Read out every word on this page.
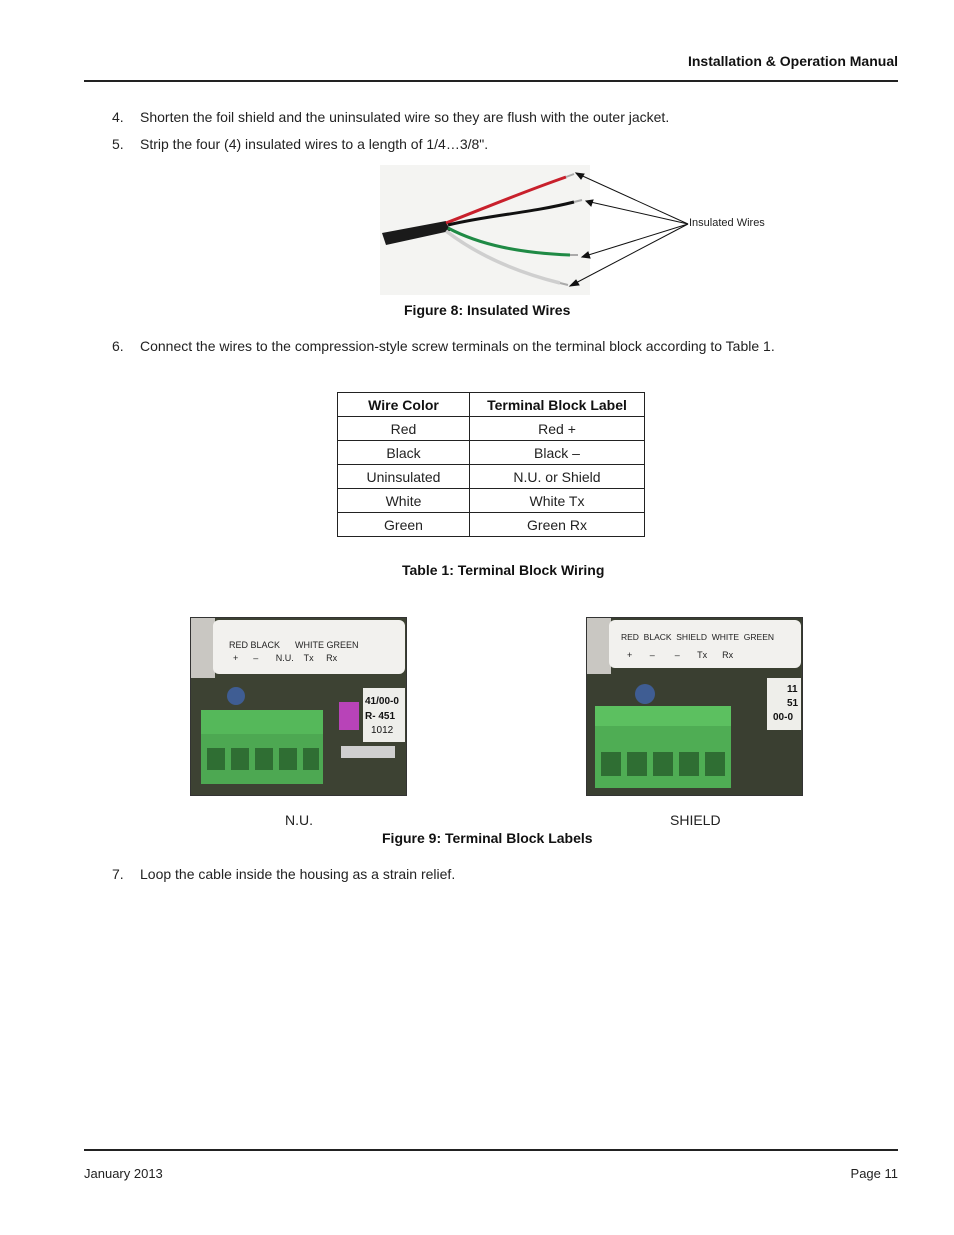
Installation & Operation Manual
4. Shorten the foil shield and the uninsulated wire so they are flush with the outer jacket.
5. Strip the four (4) insulated wires to a length of 1/4…3/8".
Insulated Wires
Figure 8: Insulated Wires
6. Connect the wires to the compression-style screw terminals on the terminal block according to Table 1.
Wire Color	Terminal Block Label
Red	Red +
Black	Black –
Uninsulated	N.U. or Shield
White	White Tx
Green	Green Rx
Table 1: Terminal Block Wiring
RED BLACK      WHITE GREEN
+      –       N.U.    Tx     Rx
41/00-0
R- 451
1012
RED  BLACK  SHIELD  WHITE  GREEN
+       –        –       Tx      Rx
11
51
00-0
N.U.	SHIELD
Figure 9: Terminal Block Labels
7. Loop the cable inside the housing as a strain relief.
January 2013	Page 11
